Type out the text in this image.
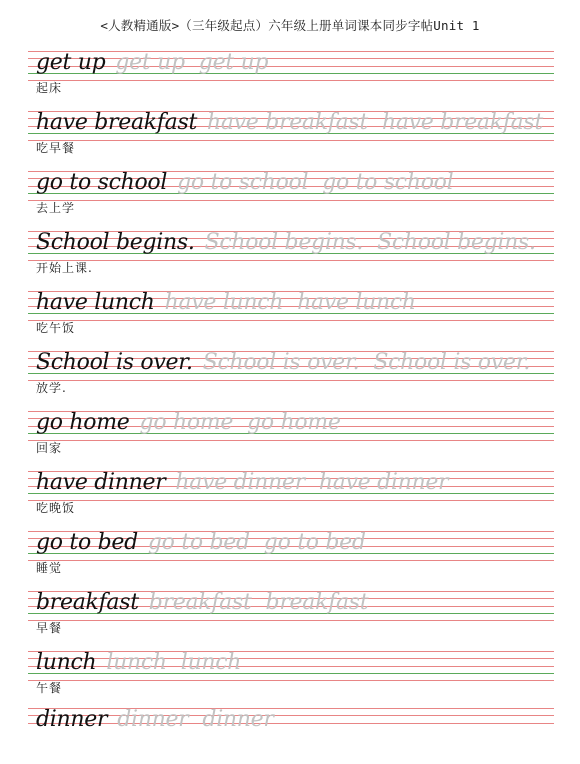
<人教精通版>（三年级起点）六年级上册单词课本同步字帖Unit 1
get up get up get up
起床
have breakfast have breakfast have breakfast
吃早餐
go to school go to school go to school
去上学
School begins. School begins. School begins.
开始上课.
have lunch have lunch have lunch
吃午饭
School is over. School is over. School is over.
放学.
go home go home go home
回家
have dinner have dinner have dinner
吃晚饭
go to bed go to bed go to bed
睡觉
breakfast breakfast breakfast
早餐
lunch lunch lunch
午餐
dinner dinner dinner
